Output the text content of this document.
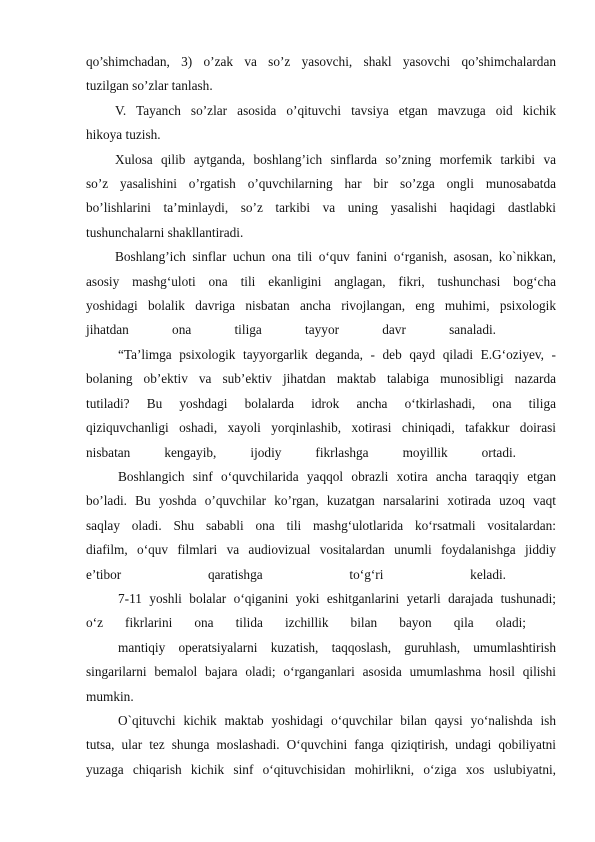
qo’shimchadan, 3) o’zak va so’z yasovchi, shakl yasovchi qo’shimchalardan
tuzilgan so’zlar tanlash.
V. Tayanch so’zlar asosida o’qituvchi tavsiya etgan mavzuga oid kichik
hikoya tuzish.
Xulosa qilib aytganda, boshlang’ich sinflarda so’zning morfemik tarkibi va
so’z yasalishini o’rgatish o’quvchilarning har bir so’zga ongli munosabatda
bo’lishlarini ta’minlaydi, so’z tarkibi va uning yasalishi haqidagi dastlabki
tushunchalarni shakllantiradi.
Boshlang’ich sinflar uchun ona tili o‘quv fanini o‘rganish, asosan, ko`nikkan,
asosiy mashg‘uloti ona tili ekanligini anglagan, fikri, tushunchasi bog‘cha
yoshidagi bolalik davriga nisbatan ancha rivojlangan, eng muhimi, psixologik
jihatdan ona tiliga tayyor davr sanaladi.
“Ta’limga psixologik tayyorgarlik deganda, - deb qayd qiladi E.G‘oziyev, -
bolaning ob’ektiv va sub’ektiv jihatdan maktab talabiga munosibligi nazarda
tutiladi? Bu yoshdagi bolalarda idrok ancha o‘tkirlashadi, ona tiliga
qiziquvchanligi oshadi, xayoli yorqinlashib, xotirasi chiniqadi, tafakkur doirasi
nisbatan kengayib, ijodiy fikrlashga moyillik ortadi.
Boshlangich sinf o‘quvchilarida yaqqol obrazli xotira ancha taraqqiy etgan
bo’ladi. Bu yoshda o’quvchilar ko’rgan, kuzatgan narsalarini xotirada uzoq vaqt
saqlay oladi. Shu sababli ona tili mashg‘ulotlarida ko‘rsatmali vositalardan:
diafilm, o‘quv filmlari va audiovizual vositalardan unumli foydalanishga jiddiy
e’tibor qaratishga to‘g‘ri keladi.
7-11 yoshli bolalar o‘qiganini yoki eshitganlarini yetarli darajada tushunadi;
o‘z fikrlarini ona tilida izchillik bilan bayon qila oladi;
mantiqiy operatsiyalarni kuzatish, taqqoslash, guruhlash, umumlashtirish
singarilarni bemalol bajara oladi; o‘rganganlari asosida umumlashma hosil qilishi
mumkin.
O`qituvchi kichik maktab yoshidagi o‘quvchilar bilan qaysi yo‘nalishda ish
tutsa, ular tez shunga moslashadi. O‘quvchini fanga qiziqtirish, undagi qobiliyatni
yuzaga chiqarish kichik sinf o‘qituvchisidan mohirlikni, o‘ziga xos uslubiyatni,
